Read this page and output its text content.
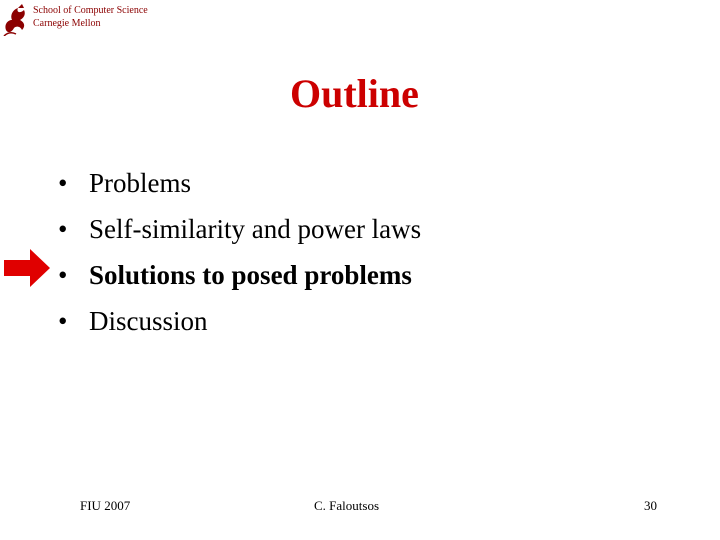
School of Computer Science
Carnegie Mellon
Outline
• Problems
• Self-similarity and power laws
• Solutions to posed problems
• Discussion
FIU 2007	C. Faloutsos	30
